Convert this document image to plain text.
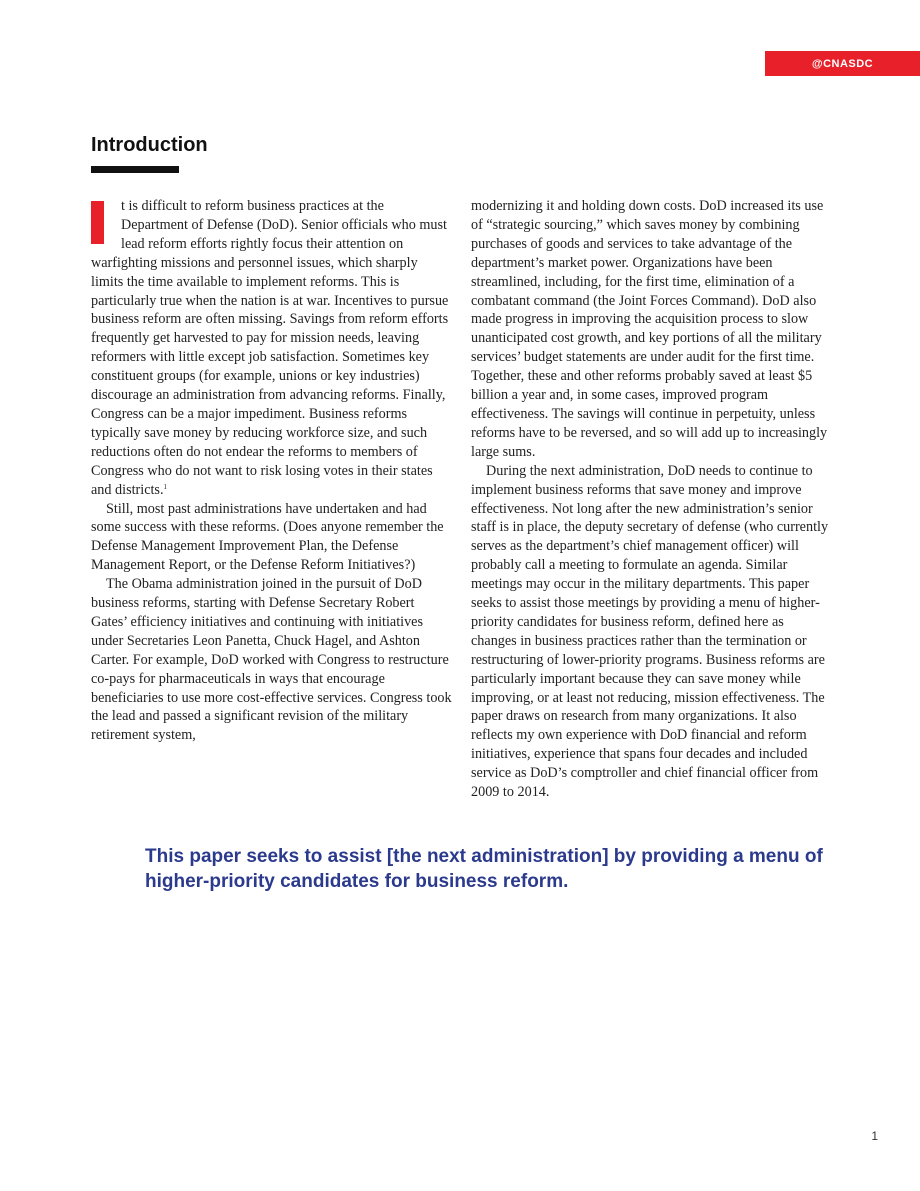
@CNASDC
Introduction

t is difficult to reform business practices at the Department of Defense (DoD). Senior officials who must lead reform efforts rightly focus their attention on warfighting missions and personnel issues, which sharply limits the time available to implement reforms. This is particularly true when the nation is at war. Incentives to pursue business reform are often missing. Savings from reform efforts frequently get harvested to pay for mission needs, leaving reformers with little except job satisfaction. Sometimes key constituent groups (for example, unions or key industries) discourage an administration from advancing reforms. Finally, Congress can be a major impediment. Business reforms typically save money by reducing workforce size, and such reductions often do not endear the reforms to members of Congress who do not want to risk losing votes in their states and districts.$^1$

Still, most past administrations have undertaken and had some success with these reforms. (Does anyone remember the Defense Management Improvement Plan, the Defense Management Report, or the Defense Reform Initiatives?)

The Obama administration joined in the pursuit of DoD business reforms, starting with Defense Secretary Robert Gates’ efficiency initiatives and continuing with initiatives under Secretaries Leon Panetta, Chuck Hagel, and Ashton Carter. For example, DoD worked with Congress to restructure co-pays for pharmaceuticals in ways that encourage beneficiaries to use more cost-effective services. Congress took the lead and passed a significant revision of the military retirement system,

modernizing it and holding down costs. DoD increased its use of “strategic sourcing,” which saves money by combining purchases of goods and services to take advantage of the department’s market power. Organizations have been streamlined, including, for the first time, elimination of a combatant command (the Joint Forces Command). DoD also made progress in improving the acquisition process to slow unanticipated cost growth, and key portions of all the military services’ budget statements are under audit for the first time. Together, these and other reforms probably saved at least $5 billion a year and, in some cases, improved program effectiveness. The savings will continue in perpetuity, unless reforms have to be reversed, and so will add up to increasingly large sums.

During the next administration, DoD needs to continue to implement business reforms that save money and improve effectiveness. Not long after the new administration’s senior staff is in place, the deputy secretary of defense (who currently serves as the department’s chief management officer) will probably call a meeting to formulate an agenda. Similar meetings may occur in the military departments. This paper seeks to assist those meetings by providing a menu of higher-priority candidates for business reform, defined here as changes in business practices rather than the termination or restructuring of lower-priority programs. Business reforms are particularly important because they can save money while improving, or at least not reducing, mission effectiveness. The paper draws on research from many organizations. It also reflects my own experience with DoD financial and reform initiatives, experience that spans four decades and included service as DoD’s comptroller and chief financial officer from 2009 to 2014.

This paper seeks to assist [the next administration] by providing a menu of higher-priority candidates for business reform.

1
